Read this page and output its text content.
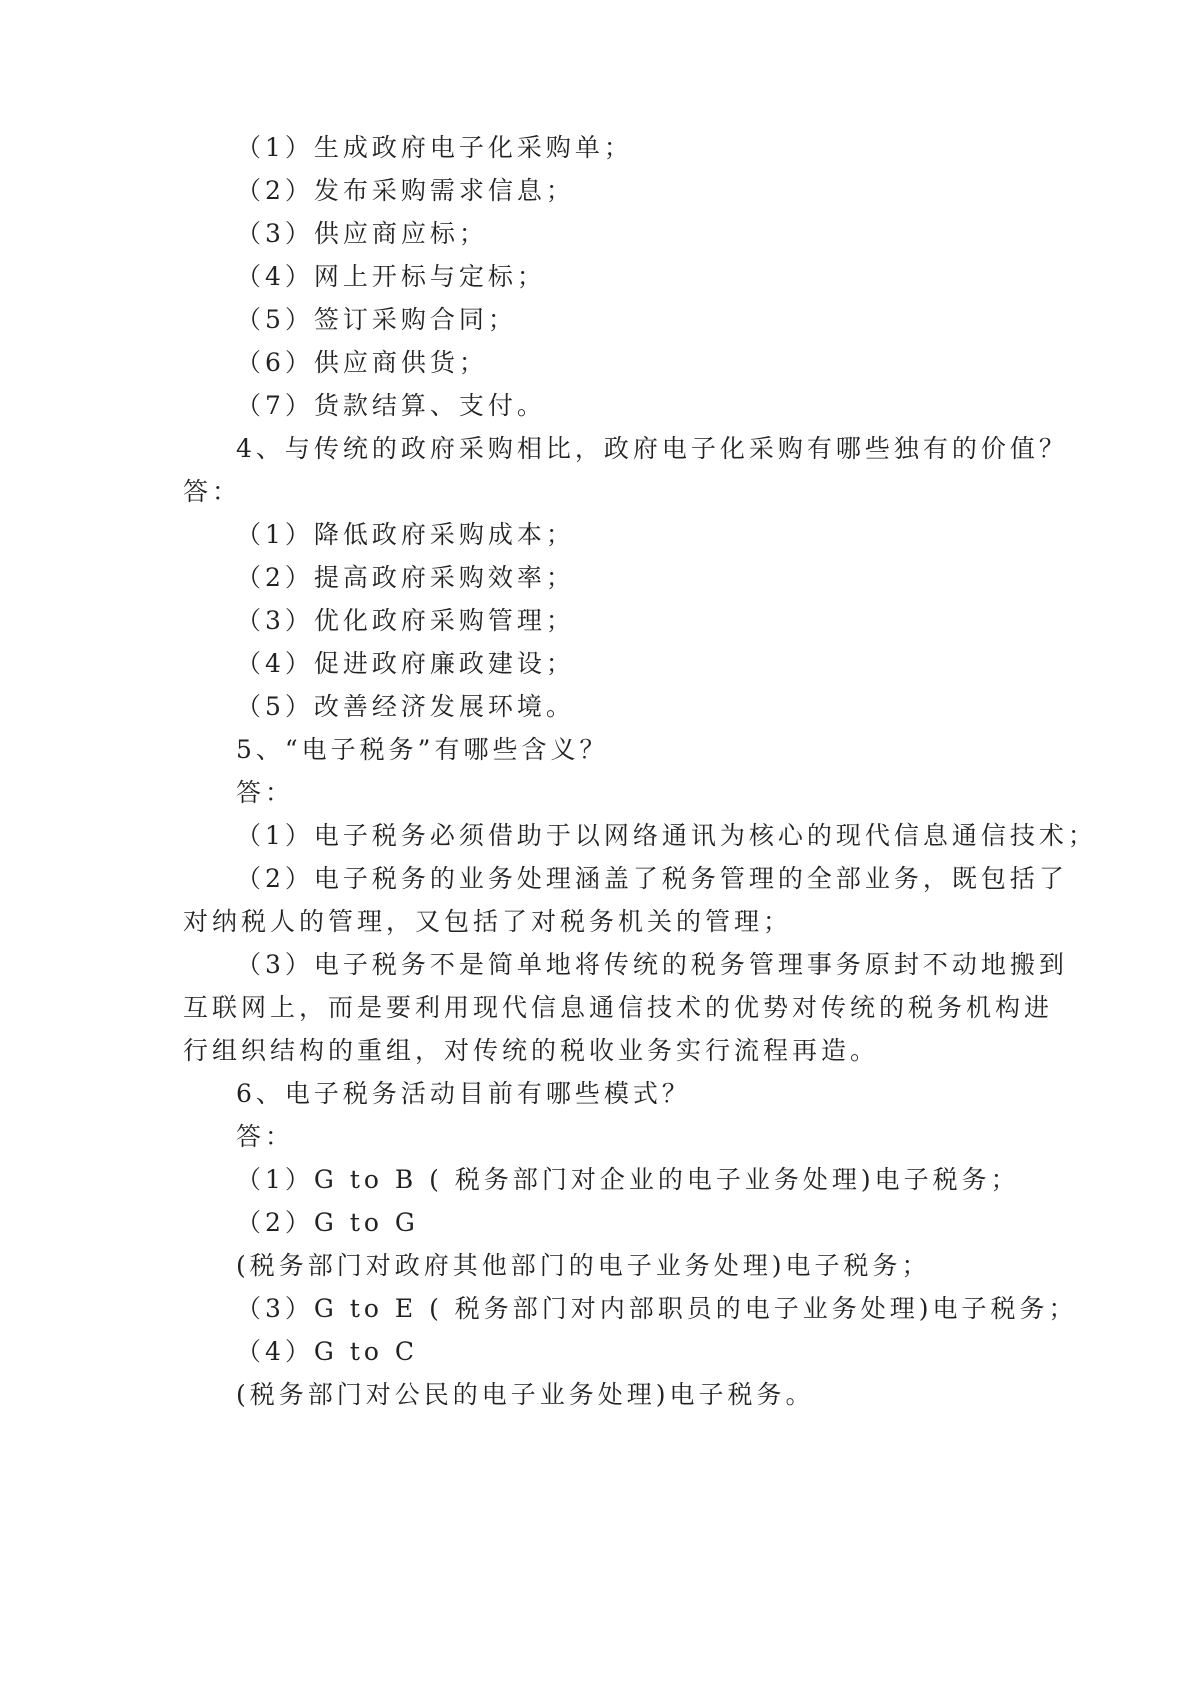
（1）生成政府电子化采购单；
（2）发布采购需求信息；
（3）供应商应标；
（4）网上开标与定标；
（5）签订采购合同；
（6）供应商供货；
（7）货款结算、支付。
4、与传统的政府采购相比，政府电子化采购有哪些独有的价值？
答：
（1）降低政府采购成本；
（2）提高政府采购效率；
（3）优化政府采购管理；
（4）促进政府廉政建设；
（5）改善经济发展环境。
5、“电子税务”有哪些含义？
答：
（1）电子税务必须借助于以网络通讯为核心的现代信息通信技术；
（2）电子税务的业务处理涵盖了税务管理的全部业务，既包括了
对纳税人的管理，又包括了对税务机关的管理；
（3）电子税务不是简单地将传统的税务管理事务原封不动地搬到
互联网上，而是要利用现代信息通信技术的优势对传统的税务机构进
行组织结构的重组，对传统的税收业务实行流程再造。
6、电子税务活动目前有哪些模式？
答：
（1）G to B ( 税务部门对企业的电子业务处理)电子税务；
（2）G to G
(税务部门对政府其他部门的电子业务处理)电子税务；
（3）G to E ( 税务部门对内部职员的电子业务处理)电子税务；
（4）G to C
(税务部门对公民的电子业务处理)电子税务。
